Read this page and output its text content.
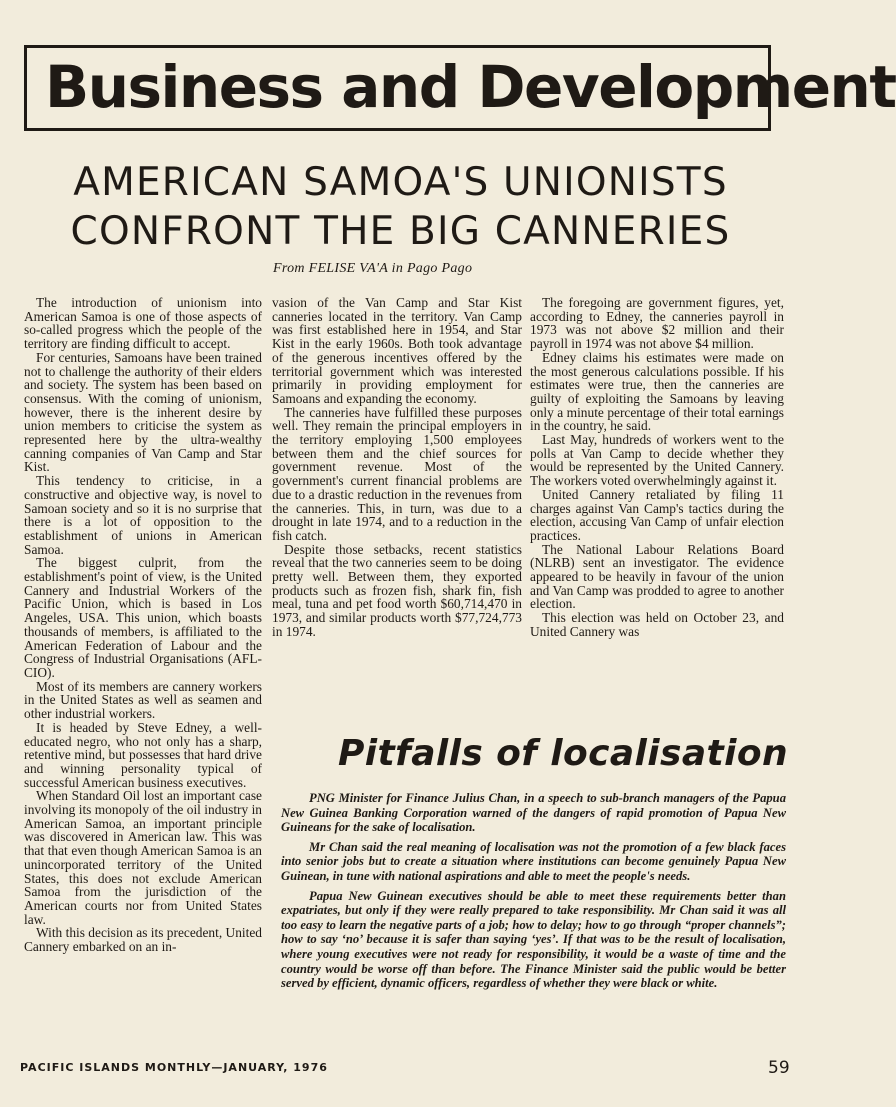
Business and Development
AMERICAN SAMOA'S UNIONISTS
CONFRONT THE BIG CANNERIES
From FELISE VA'A in Pago Pago

The introduction of unionism into American Samoa is one of those aspects of so-called progress which the people of the territory are finding difficult to accept.

For centuries, Samoans have been trained not to challenge the authority of their elders and society. The system has been based on consensus. With the coming of unionism, however, there is the inherent desire by union members to criticise the system as represented here by the ultra-wealthy canning companies of Van Camp and Star Kist.

This tendency to criticise, in a constructive and objective way, is novel to Samoan society and so it is no surprise that there is a lot of opposition to the establishment of unions in American Samoa.

The biggest culprit, from the establishment's point of view, is the United Cannery and Industrial Workers of the Pacific Union, which is based in Los Angeles, USA. This union, which boasts thousands of members, is affiliated to the American Federation of Labour and the Congress of Industrial Organisations (AFL-CIO).

Most of its members are cannery workers in the United States as well as seamen and other industrial workers.

It is headed by Steve Edney, a well-educated negro, who not only has a sharp, retentive mind, but possesses that hard drive and winning personality typical of successful American business executives.

When Standard Oil lost an important case involving its monopoly of the oil industry in American Samoa, an important principle was discovered in American law. This was that that even though American Samoa is an unincorporated territory of the United States, this does not exclude American Samoa from the jurisdiction of the American courts nor from United States law.

With this decision as its precedent, United Cannery embarked on an in-

vasion of the Van Camp and Star Kist canneries located in the territory. Van Camp was first established here in 1954, and Star Kist in the early 1960s. Both took advantage of the generous incentives offered by the territorial government which was interested primarily in providing employment for Samoans and expanding the economy.

The canneries have fulfilled these purposes well. They remain the principal employers in the territory employing 1,500 employees between them and the chief sources for government revenue. Most of the government's current financial problems are due to a drastic reduction in the revenues from the canneries. This, in turn, was due to a drought in late 1974, and to a reduction in the fish catch.

Despite those setbacks, recent statistics reveal that the two canneries seem to be doing pretty well. Between them, they exported products such as frozen fish, shark fin, fish meal, tuna and pet food worth $60,714,470 in 1973, and similar products worth $77,724,773 in 1974.

The foregoing are government figures, yet, according to Edney, the canneries payroll in 1973 was not above $2 million and their payroll in 1974 was not above $4 million.

Edney claims his estimates were made on the most generous calculations possible. If his estimates were true, then the canneries are guilty of exploiting the Samoans by leaving only a minute percentage of their total earnings in the country, he said.

Last May, hundreds of workers went to the polls at Van Camp to decide whether they would be represented by the United Cannery. The workers voted overwhelmingly against it.

United Cannery retaliated by filing 11 charges against Van Camp's tactics during the election, accusing Van Camp of unfair election practices.

The National Labour Relations Board (NLRB) sent an investigator. The evidence appeared to be heavily in favour of the union and Van Camp was prodded to agree to another election.

This election was held on October 23, and United Cannery was

Pitfalls of localisation

PNG Minister for Finance Julius Chan, in a speech to sub-branch managers of the Papua New Guinea Banking Corporation warned of the dangers of rapid promotion of Papua New Guineans for the sake of localisation.

Mr Chan said the real meaning of localisation was not the promotion of a few black faces into senior jobs but to create a situation where institutions can become genuinely Papua New Guinean, in tune with national aspirations and able to meet the people's needs.

Papua New Guinean executives should be able to meet these requirements better than expatriates, but only if they were really prepared to take responsibility. Mr Chan said it was all too easy to learn the negative parts of a job; how to delay; how to go through “proper channels”; how to say ‘no’ because it is safer than saying ‘yes’. If that was to be the result of localisation, where young executives were not ready for responsibility, it would be a waste of time and the country would be worse off than before. The Finance Minister said the public would be better served by efficient, dynamic officers, regardless of whether they were black or white.

PACIFIC ISLANDS MONTHLY—JANUARY, 1976	59
